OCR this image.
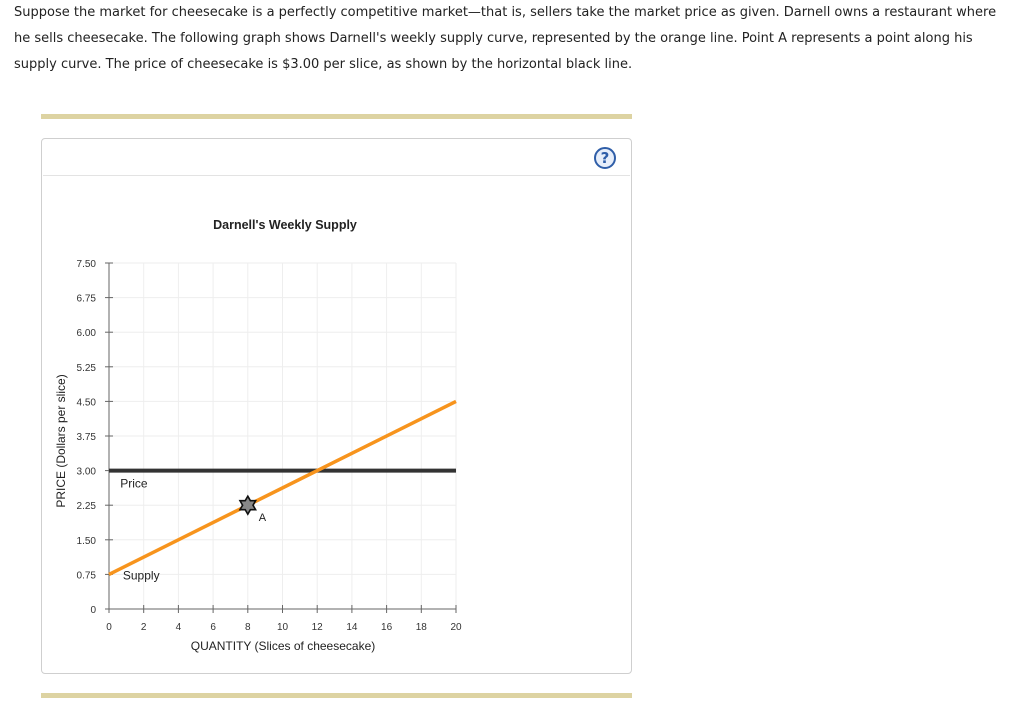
Suppose the market for cheesecake is a perfectly competitive market—that is, sellers take the market price as given. Darnell owns a restaurant where he sells cheesecake. The following graph shows Darnell's weekly supply curve, represented by the orange line. Point A represents a point along his supply curve. The price of cheesecake is $3.00 per slice, as shown by the horizontal black line.
?
Darnell's Weekly Supply
0	2	4	6	8	10 12 14 16 18 20
0
0.75
1.50
2.25
3.00
3.75
4.50
5.25
6.00
6.75
7.50
Price
Supply
A
QUANTITY (Slices of cheesecake)
PRICE (Dollars per slice)
